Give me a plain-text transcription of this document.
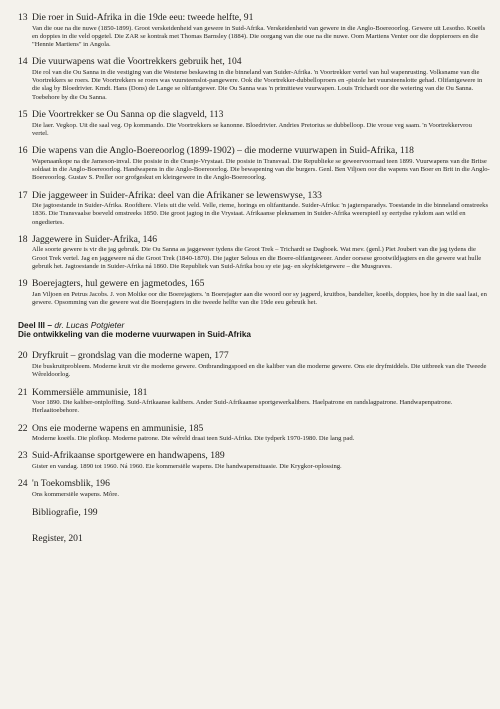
13 Die roer in Suid-Afrika in die 19de eeu: tweede helfte, 91
Van die oue na die nuwe (1850-1899). Groot verskeidenheid van gewere in Suid-Afrika. Verskeidenheid van gewere in die Anglo-Boereoorlog. Gewere uit Lesotho. Koeëls en doppies in die veld opgetel. Die ZAR se kontrak met Thomas Barnsley (1884). Die oorgang van die oue na die nuwe. Oom Martiens Venter oor die doppieroers en die "Hennie Martiens" in Angola.
14 Die vuurwapens wat die Voortrekkers gebruik het, 104
Die rol van die Ou Sanna in die vestiging van die Westerse beskawing in die binneland van Suider-Afrika. 'n Voortrekker vertel van hul wapenrusting. Volksname van die Voortrekkers se roers. Die Voortrekkers se roers was vuursteenslot-pangewere. Ook die Voortrekker-dubbelloproers en -pistole het vuursteenslotte gehad. Olifantgewere in die slag by Bloedrivier. Kmdt. Hans (Dons) de Lange se olifantgewer. Die Ou Sanna was 'n primitiewe vuurwapen. Louis Trichardt oor die weiering van die Ou Sanna. Toebehore by die Ou Sanna.
15 Die Voortrekker se Ou Sanna op die slagveld, 113
Die laer. Vegkop. Uit die saal veg. Op kommando. Die Voortrekkers se kanonne. Bloedrivier. Andries Pretorius se dubbelloop. Die vroue veg saam. 'n Voortrekkervrou vertel.
16 Die wapens van die Anglo-Boereoorlog (1899-1902) – die moderne vuurwapen in Suid-Afrika, 118
Wapenaankope na die Jameson-inval. Die posisie in die Oranje-Vrystaat. Die posisie in Transvaal. Die Republieke se geweervoorraad teen 1899. Vuurwapens van die Britse soldaat in die Anglo-Boereoorlog. Handwapens in die Anglo-Boereoorlog. Die bewapening van die burgers. Genl. Ben Viljoen oor die wapens van Boer en Brit in die Anglo-Boereoorlog. Gustav S. Preller oor grofgeskut en kleingewere in die Anglo-Boereoorlog.
17 Die jaggeweer in Suider-Afrika: deel van die Afrikaner se lewenswyse, 133
Die jagtoestande in Suider-Afrika. Roofdiere. Vleis uit die veld. Velle, rieme, horings en olifanttande. Suider-Afrika: 'n jagtersparadys. Toestande in die binneland omstreeks 1836. Die Transvaalse boeveld omstreeks 1850. Die groot jagtog in die Vrystaat. Afrikaanse pleknamen in Suider-Afrika weerspieël sy eertydse rykdom aan wild en ongediertes.
18 Jaggewere in Suider-Afrika, 146
Alle soorte gewere is vir die jag gebruik. Die Ou Sanna as jaggeweer tydens die Groot Trek – Trichardt se Dagboek. Wat mev. (genl.) Piet Joubert van die jag tydens die Groot Trek vertel. Jag en jaggewere ná die Groot Trek (1840-1870). Die jagter Selous en die Boere-olifantgeweer. Ander oorsese grootwildjagters en die gewere wat hulle gebruik het. Jagtoestande in Suider-Afrika ná 1860. Die Republiek van Suid-Afrika bou sy eie jag- en skyfskietgewere – die Musgraves.
19 Boerejagters, hul gewere en jagmetodes, 165
Jan Viljoen en Petrus Jacobs. J. von Moltke oor die Boerejagters. 'n Boerejagter aan die woord oor sy jagperd, kruitbos, bandelier, koeëls, doppies, hoe hy in die saal laai, en gewere. Opsomming van die gewere wat die Boerejagters in die tweede helfte van die 19de eeu gebruik het.
Deel III – dr. Lucas Potgieter
Die ontwikkeling van die moderne vuurwapen in Suid-Afrika
20 Dryfkruit – grondslag van die moderne wapen, 177
Die buskruitprobleem. Moderne kruit vir die moderne gewere. Ontbrandingspoed en die kaliber van die moderne gewere. Ons eie dryfmiddels. Die uitbreek van die Tweede Wêreldoorlog.
21 Kommersiële ammunisie, 181
Voor 1890. Die kaliber-ontploffing. Suid-Afrikaanse kalibers. Ander Suid-Afrikaanse sportgewerkalibers. Haelpatrone en randslagpatrone. Handwapenpatrone. Herlaaitoebehore.
22 Ons eie moderne wapens en ammunisie, 185
Moderne koeëls. Die plofkop. Moderne patrone. Die wêreld draai teen Suid-Afrika. Die tydperk 1970-1980. Die lang pad.
23 Suid-Afrikaanse sportgewere en handwapens, 189
Gister en vandag. 1890 tot 1960. Ná 1960. Eie kommersiële wapens. Die handwapensituasie. Die Krygkor-oplossing.
24 'n Toekomsblik, 196
Ons kommersiële wapens. Môre.
Bibliografie, 199
Register, 201
